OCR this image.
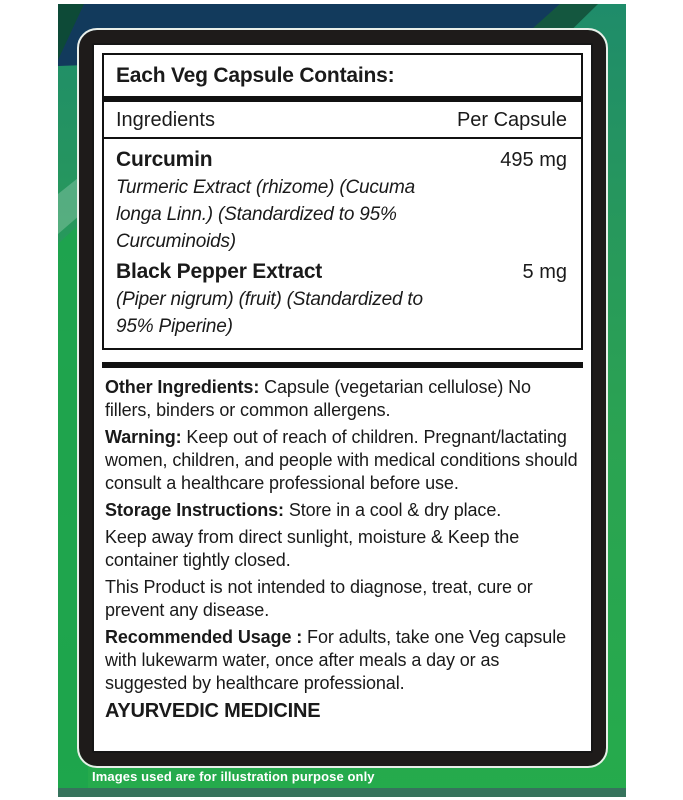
Each Veg Capsule Contains:
Ingredients	Per Capsule
Curcumin	495 mg
Turmeric Extract (rhizome) (Cucuma
longa Linn.) (Standardized to 95%
Curcuminoids)
Black Pepper Extract	5 mg
(Piper nigrum) (fruit) (Standardized to
95% Piperine)

Other Ingredients: Capsule (vegetarian cellulose) No fillers, binders or common allergens.

Warning: Keep out of reach of children. Pregnant/lactating women, children, and people with medical conditions should consult a healthcare professional before use.

Storage Instructions: Store in a cool & dry place.

Keep away from direct sunlight, moisture & Keep the container tightly closed.

This Product is not intended to diagnose, treat, cure or prevent any disease.

Recommended Usage : For adults, take one Veg capsule with lukewarm water, once after meals a day or as suggested by healthcare professional.

AYURVEDIC MEDICINE

Images used are for illustration purpose only
